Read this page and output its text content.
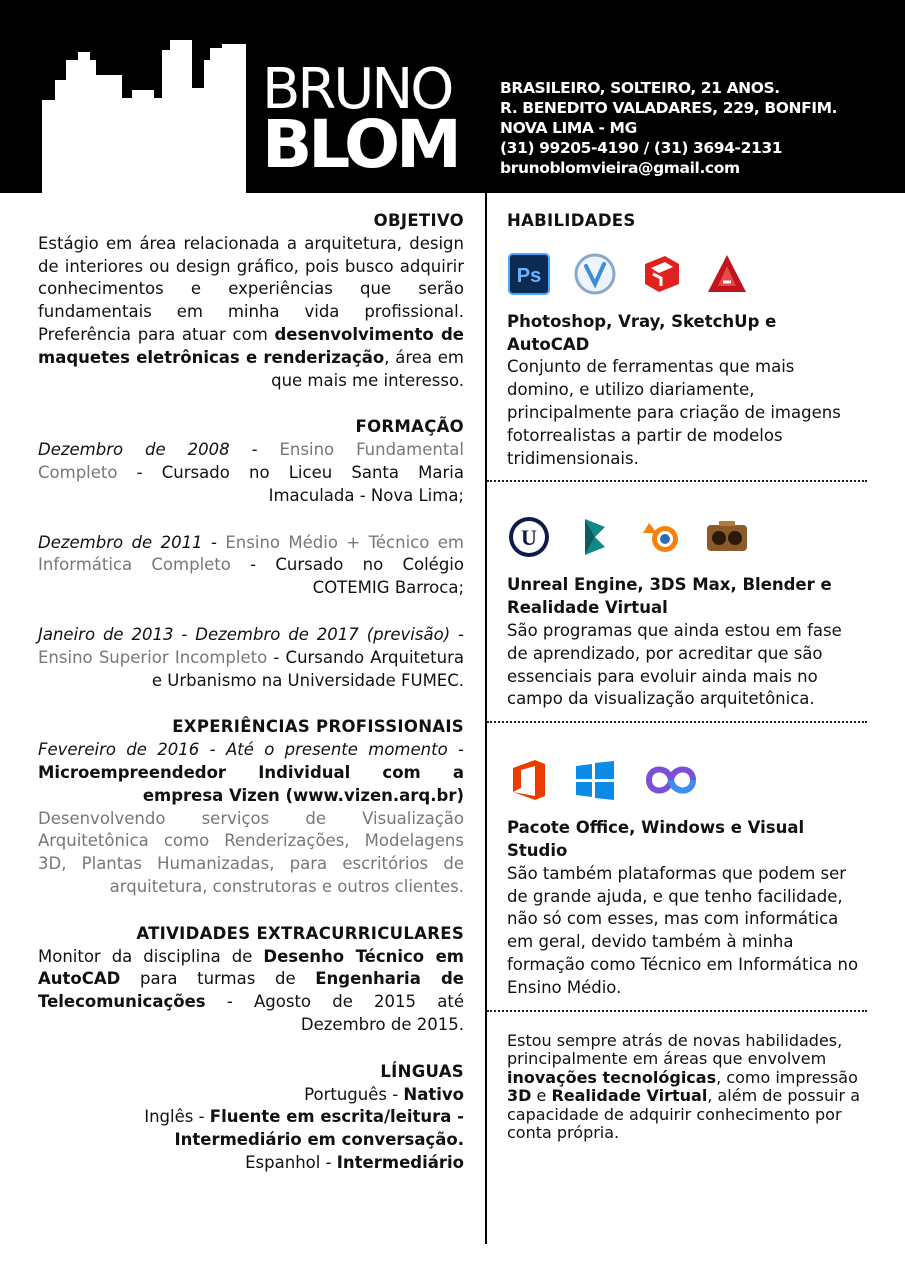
BRUNO
BLOM
BRASILEIRO, SOLTEIRO, 21 ANOS.
R. BENEDITO VALADARES, 229, BONFIM.
NOVA LIMA - MG
(31) 99205-4190 / (31) 3694-2131
brunoblomvieira@gmail.com
OBJETIVO

Estágio em área relacionada a arquitetura, design de interiores ou design gráfico, pois busco adquirir conhecimentos e experiências que serão fundamentais em minha vida profissional. Preferência para atuar com desenvolvimento de maquetes eletrônicas e renderização, área em que mais me interesso.

FORMAÇÃO

Dezembro de 2008 - Ensino Fundamental Completo - Cursado no Liceu Santa Maria Imaculada - Nova Lima;

Dezembro de 2011 - Ensino Médio + Técnico em Informática Completo - Cursado no Colégio COTEMIG Barroca;

Janeiro de 2013 - Dezembro de 2017 (previsão) - Ensino Superior Incompleto - Cursando Arquitetura e Urbanismo na Universidade FUMEC.

EXPERIÊNCIAS PROFISSIONAIS

Fevereiro de 2016 - Até o presente momento - Microempreendedor Individual com a empresa Vizen (www.vizen.arq.br)

Desenvolvendo serviços de Visualização Arquitetônica como Renderizações, Modelagens 3D, Plantas Humanizadas, para escritórios de arquitetura, construtoras e outros clientes.

ATIVIDADES EXTRACURRICULARES

Monitor da disciplina de Desenho Técnico em AutoCAD para turmas de Engenharia de Telecomunicações - Agosto de 2015 até Dezembro de 2015.

LÍNGUAS

Português - Nativo

Inglês - Fluente em escrita/leitura - Intermediário em conversação.

Espanhol - Intermediário

HABILIDADES
Ps

Photoshop, Vray, SketchUp e AutoCAD

Conjunto de ferramentas que mais domino, e utilizo diariamente, principalmente para criação de imagens fotorrealistas a partir de modelos tridimensionais.

U

Unreal Engine, 3DS Max, Blender e Realidade Virtual

São programas que ainda estou em fase de aprendizado, por acreditar que são essenciais para evoluir ainda mais no campo da visualização arquitetônica.

Pacote Office, Windows e Visual Studio

São também plataformas que podem ser de grande ajuda, e que tenho facilidade, não só com esses, mas com informática em geral, devido também à minha formação como Técnico em Informática no Ensino Médio.

Estou sempre atrás de novas habilidades, principalmente em áreas que envolvem inovações tecnológicas, como impressão 3D e Realidade Virtual, além de possuir a capacidade de adquirir conhecimento por conta própria.
